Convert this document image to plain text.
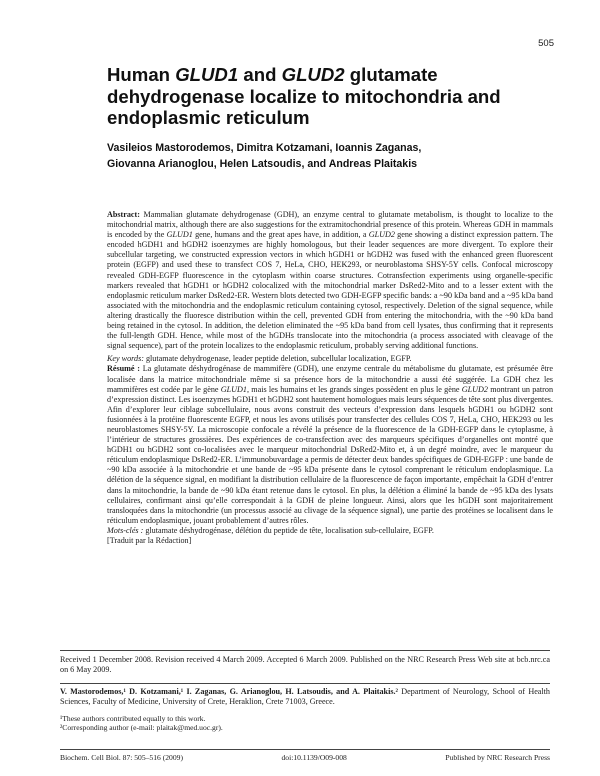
505
Human GLUD1 and GLUD2 glutamate dehydrogenase localize to mitochondria and endoplasmic reticulum
Vasileios Mastorodemos, Dimitra Kotzamani, Ioannis Zaganas,
Giovanna Arianoglou, Helen Latsoudis, and Andreas Plaitakis

Abstract: Mammalian glutamate dehydrogenase (GDH), an enzyme central to glutamate metabolism, is thought to localize to the mitochondrial matrix, although there are also suggestions for the extramitochondrial presence of this protein. Whereas GDH in mammals is encoded by the GLUD1 gene, humans and the great apes have, in addition, a GLUD2 gene showing a distinct expression pattern. The encoded hGDH1 and hGDH2 isoenzymes are highly homologous, but their leader sequences are more divergent. To explore their subcellular targeting, we constructed expression vectors in which hGDH1 or hGDH2 was fused with the enhanced green fluorescent protein (EGFP) and used these to transfect COS 7, HeLa, CHO, HEK293, or neuroblastoma SHSY-5Y cells. Confocal microscopy revealed GDH-EGFP fluorescence in the cytoplasm within coarse structures. Cotransfection experiments using organelle-specific markers revealed that hGDH1 or hGDH2 colocalized with the mitochondrial marker DsRed2-Mito and to a lesser extent with the endoplasmic reticulum marker DsRed2-ER. Western blots detected two GDH-EGFP specific bands: a ~90 kDa band and a ~95 kDa band associated with the mitochondria and the endoplasmic reticulum containing cytosol, respectively. Deletion of the signal sequence, while altering drastically the fluoresce distribution within the cell, prevented GDH from entering the mitochondria, with the ~90 kDa band being retained in the cytosol. In addition, the deletion eliminated the ~95 kDa band from cell lysates, thus confirming that it represents the full-length GDH. Hence, while most of the hGDHs translocate into the mitochondria (a process associated with cleavage of the signal sequence), part of the protein localizes to the endoplasmic reticulum, probably serving additional functions.

Key words: glutamate dehydrogenase, leader peptide deletion, subcellular localization, EGFP.

Résumé : La glutamate déshydrogénase de mammifère (GDH), une enzyme centrale du métabolisme du glutamate, est présumée être localisée dans la matrice mitochondriale même si sa présence hors de la mitochondrie a aussi été suggérée. La GDH chez les mammifères est codée par le gène GLUD1, mais les humains et les grands singes possèdent en plus le gène GLUD2 montrant un patron d’expression distinct. Les isoenzymes hGDH1 et hGDH2 sont hautement homologues mais leurs séquences de tête sont plus divergentes. Afin d’explorer leur ciblage subcellulaire, nous avons construit des vecteurs d’expression dans lesquels hGDH1 ou hGDH2 sont fusionnées à la protéine fluorescente EGFP, et nous les avons utilisés pour transfecter des cellules COS 7, HeLa, CHO, HEK293 ou les neuroblastomes SHSY-5Y. La microscopie confocale a révélé la présence de la fluorescence de la GDH-EGFP dans le cytoplasme, à l’intérieur de structures grossières. Des expériences de co-transfection avec des marqueurs spécifiques d’organelles ont montré que hGDH1 ou hGDH2 sont co-localisées avec le marqueur mitochondrial DsRed2-Mito et, à un degré moindre, avec le marqueur du réticulum endoplasmique DsRed2-ER. L’immunobuvardage a permis de détecter deux bandes spécifiques de GDH-EGFP : une bande de ~90 kDa associée à la mitochondrie et une bande de ~95 kDa présente dans le cytosol comprenant le réticulum endoplasmique. La délétion de la séquence signal, en modifiant la distribution cellulaire de la fluorescence de façon importante, empêchait la GDH d’entrer dans la mitochondrie, la bande de ~90 kDa étant retenue dans le cytosol. En plus, la délétion a éliminé la bande de ~95 kDa des lysats cellulaires, confirmant ainsi qu’elle correspondait à la GDH de pleine longueur. Ainsi, alors que les hGDH sont majoritairement transloquées dans la mitochondrie (un processus associé au clivage de la séquence signal), une partie des protéines se localisent dans le réticulum endoplasmique, jouant probablement d’autres rôles.

Mots-clés : glutamate déshydrogénase, délétion du peptide de tête, localisation sub-cellulaire, EGFP.

[Traduit par la Rédaction]

Received 1 December 2008. Revision received 4 March 2009. Accepted 6 March 2009. Published on the NRC Research Press Web site at bcb.nrc.ca on 6 May 2009.
V. Mastorodemos,¹ D. Kotzamani,¹ I. Zaganas, G. Arianoglou, H. Latsoudis, and A. Plaitakis.² Department of Neurology, School of Health Sciences, Faculty of Medicine, University of Crete, Heraklion, Crete 71003, Greece.
¹These authors contributed equally to this work.
²Corresponding author (e-mail: plaitak@med.uoc.gr).
Biochem. Cell Biol. 87: 505–516 (2009)	doi:10.1139/O09-008	Published by NRC Research Press
